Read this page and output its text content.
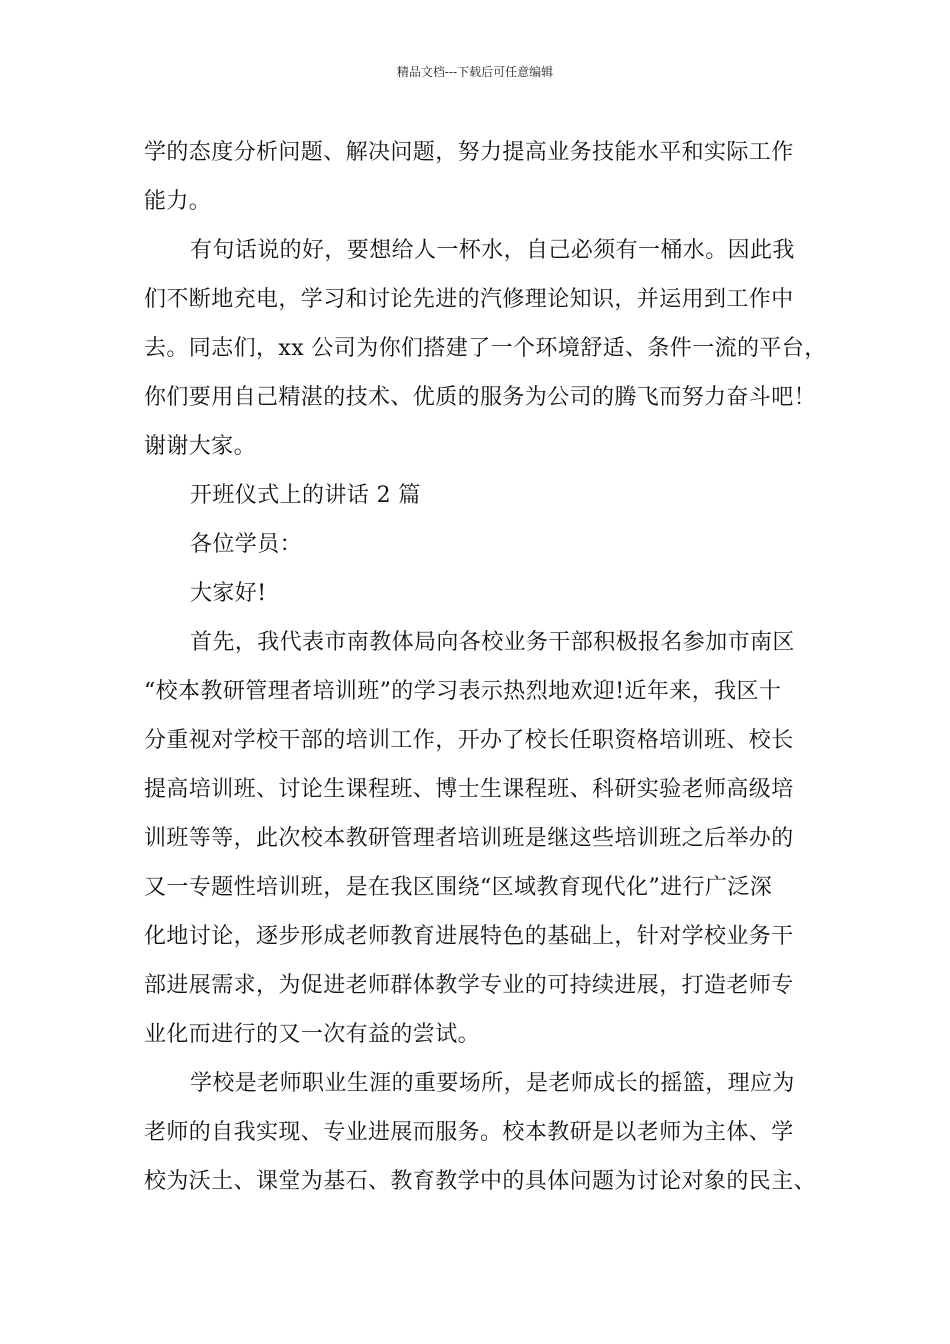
精品文档---下载后可任意编辑
学的态度分析问题、解决问题，努力提高业务技能水平和实际工作
能力。
有句话说的好，要想给人一杯水，自己必须有一桶水。因此我
们不断地充电，学习和讨论先进的汽修理论知识，并运用到工作中
去。同志们，xx 公司为你们搭建了一个环境舒适、条件一流的平台，
你们要用自己精湛的技术、优质的服务为公司的腾飞而努力奋斗吧！
谢谢大家。
开班仪式上的讲话 2 篇
各位学员：
大家好!
首先，我代表市南教体局向各校业务干部积极报名参加市南区
“校本教研管理者培训班”的学习表示热烈地欢迎!近年来，我区十
分重视对学校干部的培训工作，开办了校长任职资格培训班、校长
提高培训班、讨论生课程班、博士生课程班、科研实验老师高级培
训班等等，此次校本教研管理者培训班是继这些培训班之后举办的
又一专题性培训班，是在我区围绕“区域教育现代化”进行广泛深
化地讨论，逐步形成老师教育进展特色的基础上，针对学校业务干
部进展需求，为促进老师群体教学专业的可持续进展，打造老师专
业化而进行的又一次有益的尝试。
学校是老师职业生涯的重要场所，是老师成长的摇篮，理应为
老师的自我实现、专业进展而服务。校本教研是以老师为主体、学
校为沃土、课堂为基石、教育教学中的具体问题为讨论对象的民主、
